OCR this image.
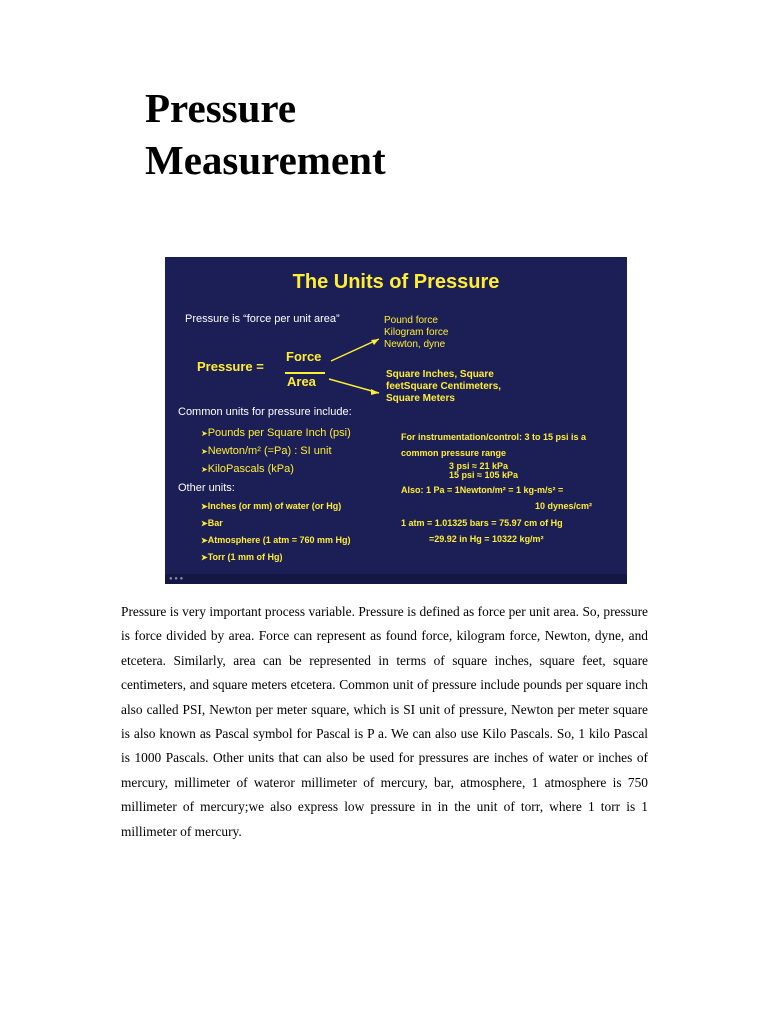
Pressure
Measurement
The Units of Pressure
Pressure is “force per unit area”	Pound force
Kilogram force
Newton, dyne
Pressure =
Force
Area	Square Inches, Square
feetSquare Centimeters,
Square Meters
Common units for pressure include:
➤ Pounds per Square Inch (psi)
➤ Newton/m² (=Pa) : SI unit
➤ KiloPascals (kPa)
Other units:
➤ Inches (or mm) of water (or Hg)
➤ Bar
➤ Atmosphere (1 atm = 760 mm Hg)
➤ Torr (1 mm of Hg)
For instrumentation/control: 3 to 15 psi is a
common pressure range
3 psi ≈ 21 kPa
15 psi ≈ 105 kPa
Also: 1 Pa = 1Newton/m² = 1 kg-m/s² =
10 dynes/cm²
1 atm = 1.01325 bars = 75.97 cm of Hg
=29.92 in Hg = 10322 kg/m²
● ● ●

Pressure is very important process variable. Pressure is defined as force per unit area. So, pressure is force divided by area. Force can represent as found force, kilogram force, Newton, dyne, and etcetera. Similarly, area can be represented in terms of square inches, square feet, square centimeters, and square meters etcetera. Common unit of pressure include pounds per square inch also called PSI, Newton per meter square, which is SI unit of pressure, Newton per meter square is also known as Pascal symbol for Pascal is P a. We can also use Kilo Pascals. So, 1 kilo Pascal is 1000 Pascals. Other units that can also be used for pressures are inches of water or inches of mercury, millimeter of wateror millimeter of mercury, bar, atmosphere, 1 atmosphere is 750 millimeter of mercury;we also express low pressure in in the unit of torr, where 1 torr is 1 millimeter of mercury.
